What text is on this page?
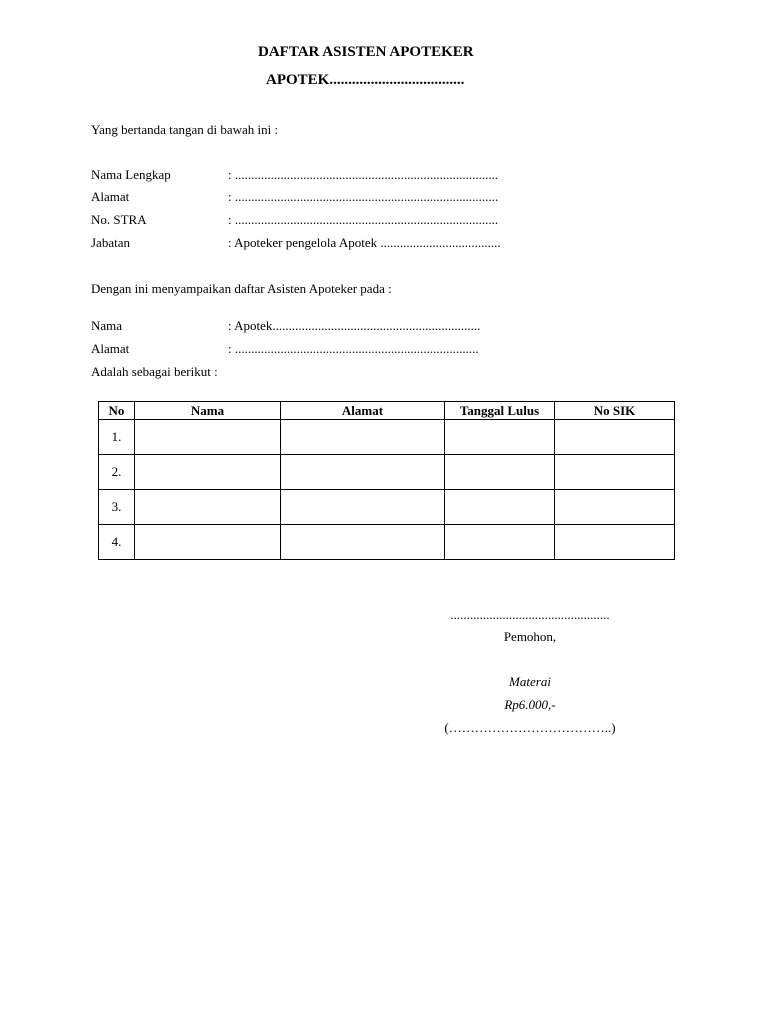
DAFTAR ASISTEN APOTEKER
APOTEK....................................
Yang bertanda tangan di bawah ini :
Nama Lengkap	: .................................................................................
Alamat	: .................................................................................
No. STRA	: .................................................................................
Jabatan	: Apoteker pengelola Apotek .....................................
Dengan ini menyampaikan daftar Asisten Apoteker pada :
Nama	: Apotek................................................................
Alamat	: ...........................................................................
Adalah sebagai berikut :
No	Nama	Alamat	Tanggal Lulus	No SIK
1.				
2.				
3.				
4.				
.................................................
Pemohon,
Materai
Rp6.000,-
(………………………………..)
